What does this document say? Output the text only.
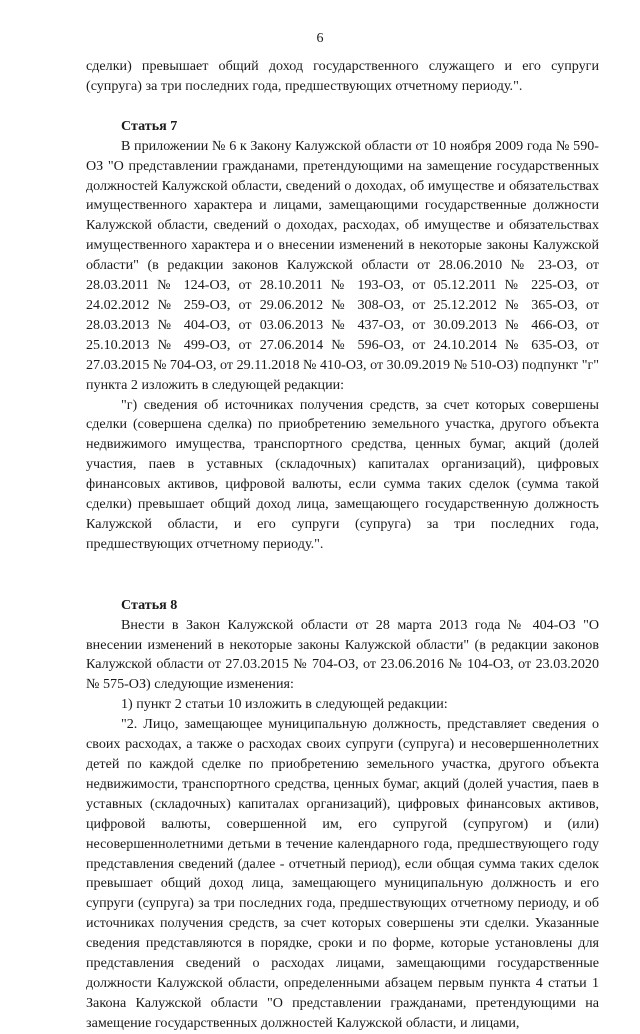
6

сделки) превышает общий доход государственного служащего и его супруги (супруга) за три последних года, предшествующих отчетному периоду.".

Статья 7

В приложении № 6 к Закону Калужской области от 10 ноября 2009 года № 590-ОЗ "О представлении гражданами, претендующими на замещение государственных должностей Калужской области, сведений о доходах, об имуществе и обязательствах имущественного характера и лицами, замещающими государственные должности Калужской области, сведений о доходах, расходах, об имуществе и обязательствах имущественного характера и о внесении изменений в некоторые законы Калужской области" (в редакции законов Калужской области от 28.06.2010 № 23-ОЗ, от 28.03.2011 № 124-ОЗ, от 28.10.2011 № 193-ОЗ, от 05.12.2011 № 225-ОЗ, от 24.02.2012 № 259-ОЗ, от 29.06.2012 № 308-ОЗ, от 25.12.2012 № 365-ОЗ, от 28.03.2013 № 404-ОЗ, от 03.06.2013 № 437-ОЗ, от 30.09.2013 № 466-ОЗ, от 25.10.2013 № 499-ОЗ, от 27.06.2014 № 596-ОЗ, от 24.10.2014 № 635-ОЗ, от 27.03.2015 № 704-ОЗ, от 29.11.2018 № 410-ОЗ, от 30.09.2019 № 510-ОЗ) подпункт "г" пункта 2 изложить в следующей редакции:

"г) сведения об источниках получения средств, за счет которых совершены сделки (совершена сделка) по приобретению земельного участка, другого объекта недвижимого имущества, транспортного средства, ценных бумаг, акций (долей участия, паев в уставных (складочных) капиталах организаций), цифровых финансовых активов, цифровой валюты, если сумма таких сделок (сумма такой сделки) превышает общий доход лица, замещающего государственную должность Калужской области, и его супруги (супруга) за три последних года, предшествующих отчетному периоду.".

Статья 8

Внести в Закон Калужской области от 28 марта 2013 года № 404-ОЗ "О внесении изменений в некоторые законы Калужской области" (в редакции законов Калужской области от 27.03.2015 № 704-ОЗ, от 23.06.2016 № 104-ОЗ, от 23.03.2020 № 575-ОЗ) следующие изменения:

1) пункт 2 статьи 10 изложить в следующей редакции:

"2. Лицо, замещающее муниципальную должность, представляет сведения о своих расходах, а также о расходах своих супруги (супруга) и несовершеннолетних детей по каждой сделке по приобретению земельного участка, другого объекта недвижимости, транспортного средства, ценных бумаг, акций (долей участия, паев в уставных (складочных) капиталах организаций), цифровых финансовых активов, цифровой валюты, совершенной им, его супругой (супругом) и (или) несовершеннолетними детьми в течение календарного года, предшествующего году представления сведений (далее - отчетный период), если общая сумма таких сделок превышает общий доход лица, замещающего муниципальную должность и его супруги (супруга) за три последних года, предшествующих отчетному периоду, и об источниках получения средств, за счет которых совершены эти сделки. Указанные сведения представляются в порядке, сроки и по форме, которые установлены для представления сведений о расходах лицами, замещающими государственные должности Калужской области, определенными абзацем первым пункта 4 статьи 1 Закона Калужской области "О представлении гражданами, претендующими на замещение государственных должностей Калужской области, и лицами,
